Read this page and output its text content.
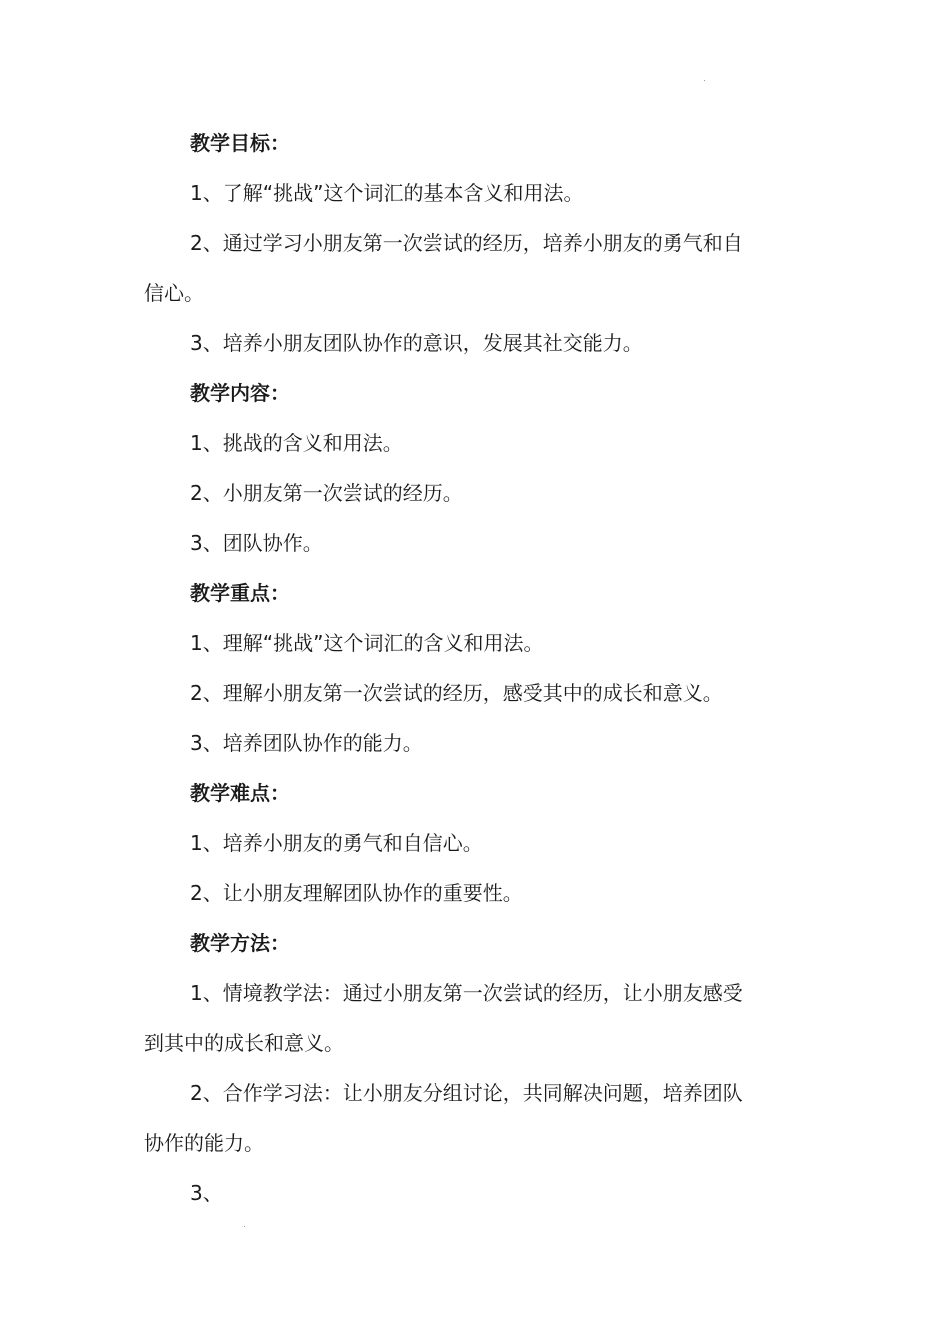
教学目标：
1、了解“挑战”这个词汇的基本含义和用法。
2、通过学习小朋友第一次尝试的经历，培养小朋友的勇气和自
信心。
3、培养小朋友团队协作的意识，发展其社交能力。
教学内容：
1、挑战的含义和用法。
2、小朋友第一次尝试的经历。
3、团队协作。
教学重点：
1、理解“挑战”这个词汇的含义和用法。
2、理解小朋友第一次尝试的经历，感受其中的成长和意义。
3、培养团队协作的能力。
教学难点：
1、培养小朋友的勇气和自信心。
2、让小朋友理解团队协作的重要性。
教学方法：
1、情境教学法：通过小朋友第一次尝试的经历，让小朋友感受
到其中的成长和意义。
2、合作学习法：让小朋友分组讨论，共同解决问题，培养团队
协作的能力。
3、
